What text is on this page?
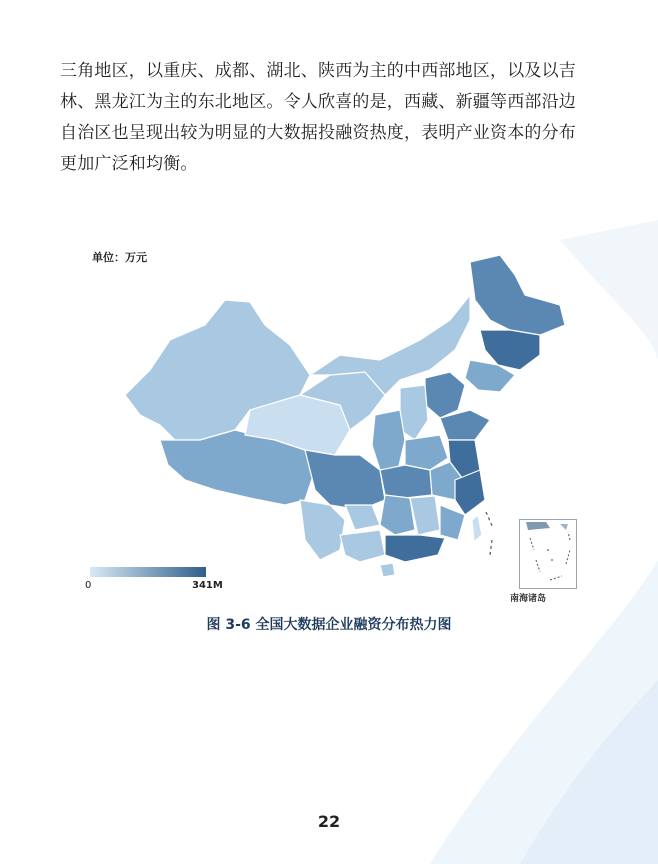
三角地区，以重庆、成都、湖北、陕西为主的中西部地区，以及以吉
林、黑龙江为主的东北地区。令人欣喜的是，西藏、新疆等西部沿边
自治区也呈现出较为明显的大数据投融资热度，表明产业资本的分布
更加广泛和均衡。
单位：万元
南海诸岛
0	341M
图 3-6 全国大数据企业融资分布热力图
22
